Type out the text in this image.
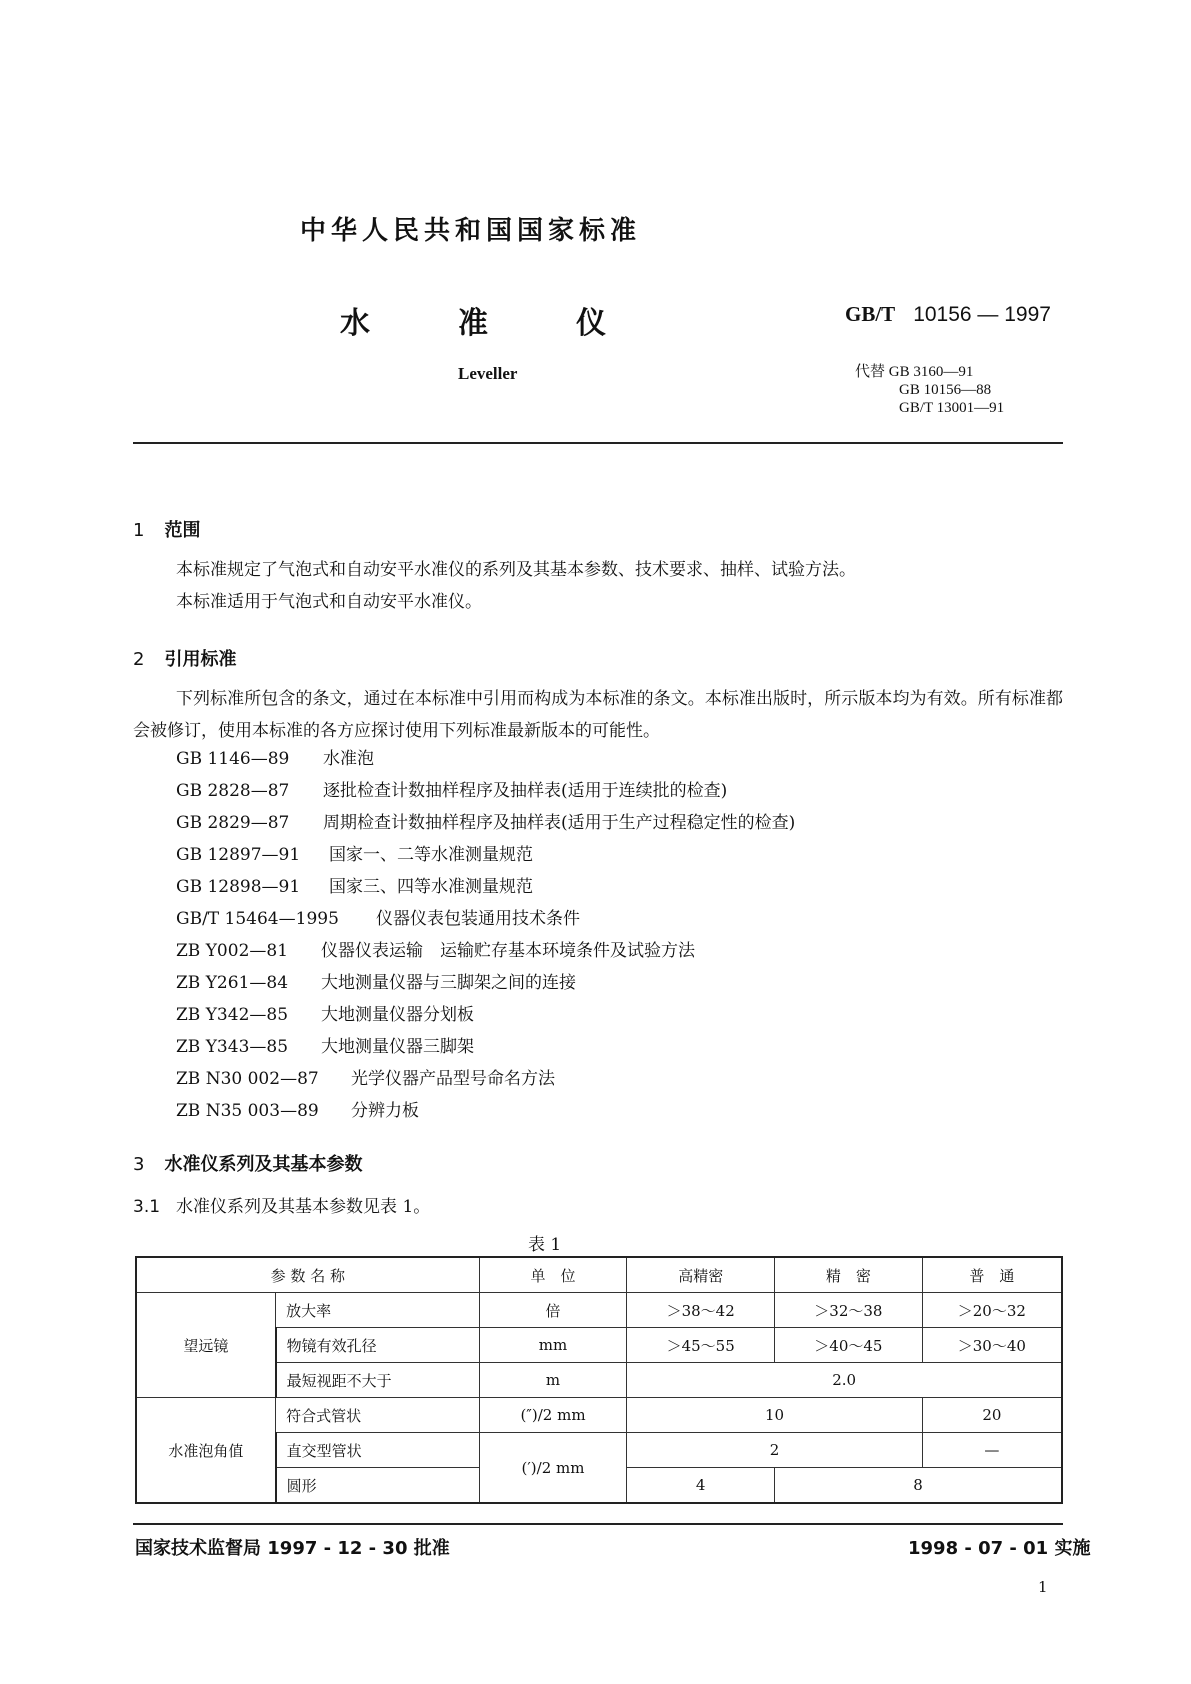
中华人民共和国国家标准
水	准	仪	GB/T 10156 — 1997
Leveller	代替 GB 3160—91
GB 10156—88
GB/T 13001—91
1 范围
本标准规定了气泡式和自动安平水准仪的系列及其基本参数、技术要求、抽样、试验方法。
本标准适用于气泡式和自动安平水准仪。
2 引用标准
下列标准所包含的条文，通过在本标准中引用而构成为本标准的条文。本标准出版时，所示版本均为有效。所有标准都会被修订，使用本标准的各方应探讨使用下列标准最新版本的可能性。
GB 1146—89 水准泡
GB 2828—87 逐批检查计数抽样程序及抽样表(适用于连续批的检查)
GB 2829—87 周期检查计数抽样程序及抽样表(适用于生产过程稳定性的检查)
GB 12897—91 国家一、二等水准测量规范
GB 12898—91 国家三、四等水准测量规范
GB/T 15464—1995 仪器仪表包装通用技术条件
ZB Y002—81 仪器仪表运输　运输贮存基本环境条件及试验方法
ZB Y261—84 大地测量仪器与三脚架之间的连接
ZB Y342—85 大地测量仪器分划板
ZB Y343—85 大地测量仪器三脚架
ZB N30 002—87 光学仪器产品型号命名方法
ZB N35 003—89 分辨力板
3 水准仪系列及其基本参数
3.1 水准仪系列及其基本参数见表 1。
表 1
参 数 名 称		单　位	高精密	精　密	普　通
望远镜	放大率	倍	＞38～42	＞32～38	＞20～32
	物镜有效孔径	mm	＞45～55	＞40～45	＞30～40
	最短视距不大于	m	2.0		
水准泡角值	符合式管状	(″)/2 mm	10		20
	直交型管状	(′)/2 mm	2		—
	圆形		4	8	
国家技术监督局 1997 - 12 - 30 批准	1998 - 07 - 01 实施
1
